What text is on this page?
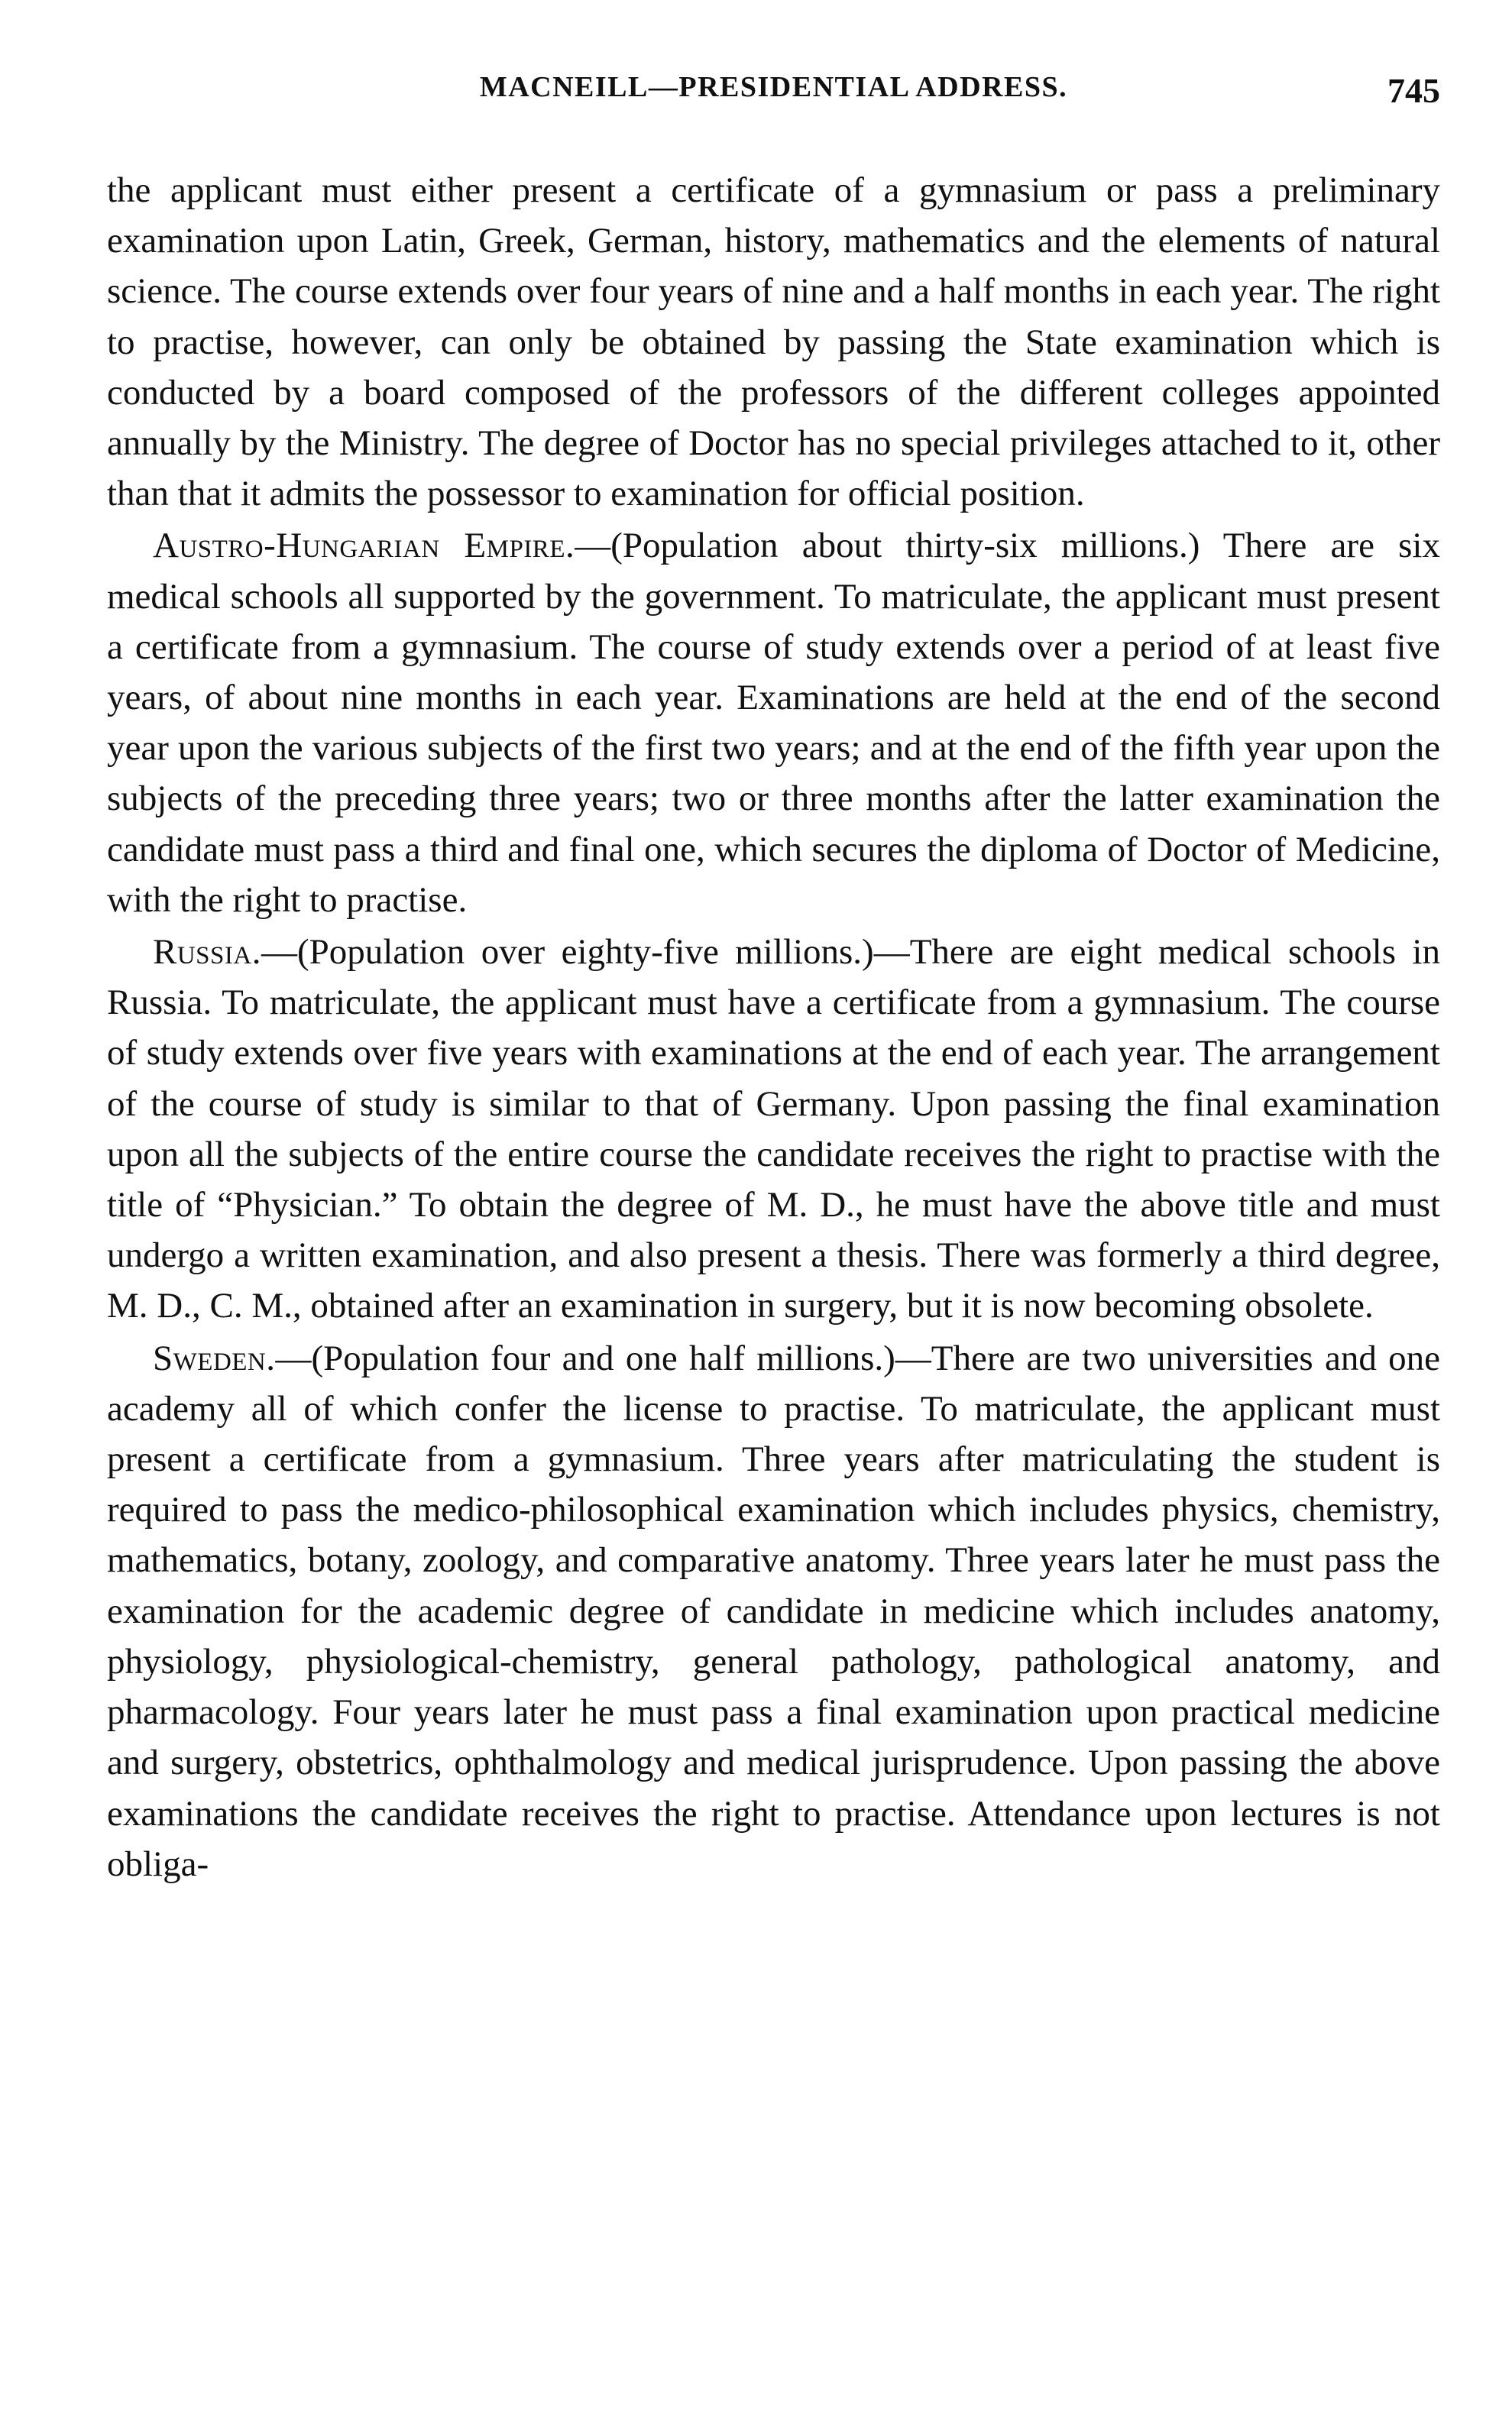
MACNEILL—PRESIDENTIAL ADDRESS.	745

the applicant must either present a certificate of a gymnasium or pass a preliminary examination upon Latin, Greek, German, history, mathematics and the elements of natural science. The course extends over four years of nine and a half months in each year. The right to practise, however, can only be obtained by passing the State examination which is conducted by a board composed of the professors of the different colleges appointed annually by the Ministry. The degree of Doctor has no special privileges attached to it, other than that it admits the possessor to examination for official position.

Austro-Hungarian Empire.—(Population about thirty-six millions.) There are six medical schools all supported by the government. To matriculate, the applicant must present a certificate from a gymnasium. The course of study extends over a period of at least five years, of about nine months in each year. Examinations are held at the end of the second year upon the various subjects of the first two years; and at the end of the fifth year upon the subjects of the preceding three years; two or three months after the latter examination the candidate must pass a third and final one, which secures the diploma of Doctor of Medicine, with the right to practise.

Russia.—(Population over eighty-five millions.)—There are eight medical schools in Russia. To matriculate, the applicant must have a certificate from a gymnasium. The course of study extends over five years with examinations at the end of each year. The arrangement of the course of study is similar to that of Germany. Upon passing the final examination upon all the subjects of the entire course the candidate receives the right to practise with the title of “Physician.” To obtain the degree of M. D., he must have the above title and must undergo a written examination, and also present a thesis. There was formerly a third degree, M. D., C. M., obtained after an examination in surgery, but it is now becoming obsolete.

Sweden.—(Population four and one half millions.)—There are two universities and one academy all of which confer the license to practise. To matriculate, the applicant must present a certificate from a gymnasium. Three years after matriculating the student is required to pass the medico-philosophical examination which includes physics, chemistry, mathematics, botany, zoology, and comparative anatomy. Three years later he must pass the examination for the academic degree of candidate in medicine which includes anatomy, physiology, physiological-chemistry, general pathology, pathological anatomy, and pharmacology. Four years later he must pass a final examination upon practical medicine and surgery, obstetrics, ophthalmology and medical jurisprudence. Upon passing the above examinations the candidate receives the right to practise. Attendance upon lectures is not obliga-
